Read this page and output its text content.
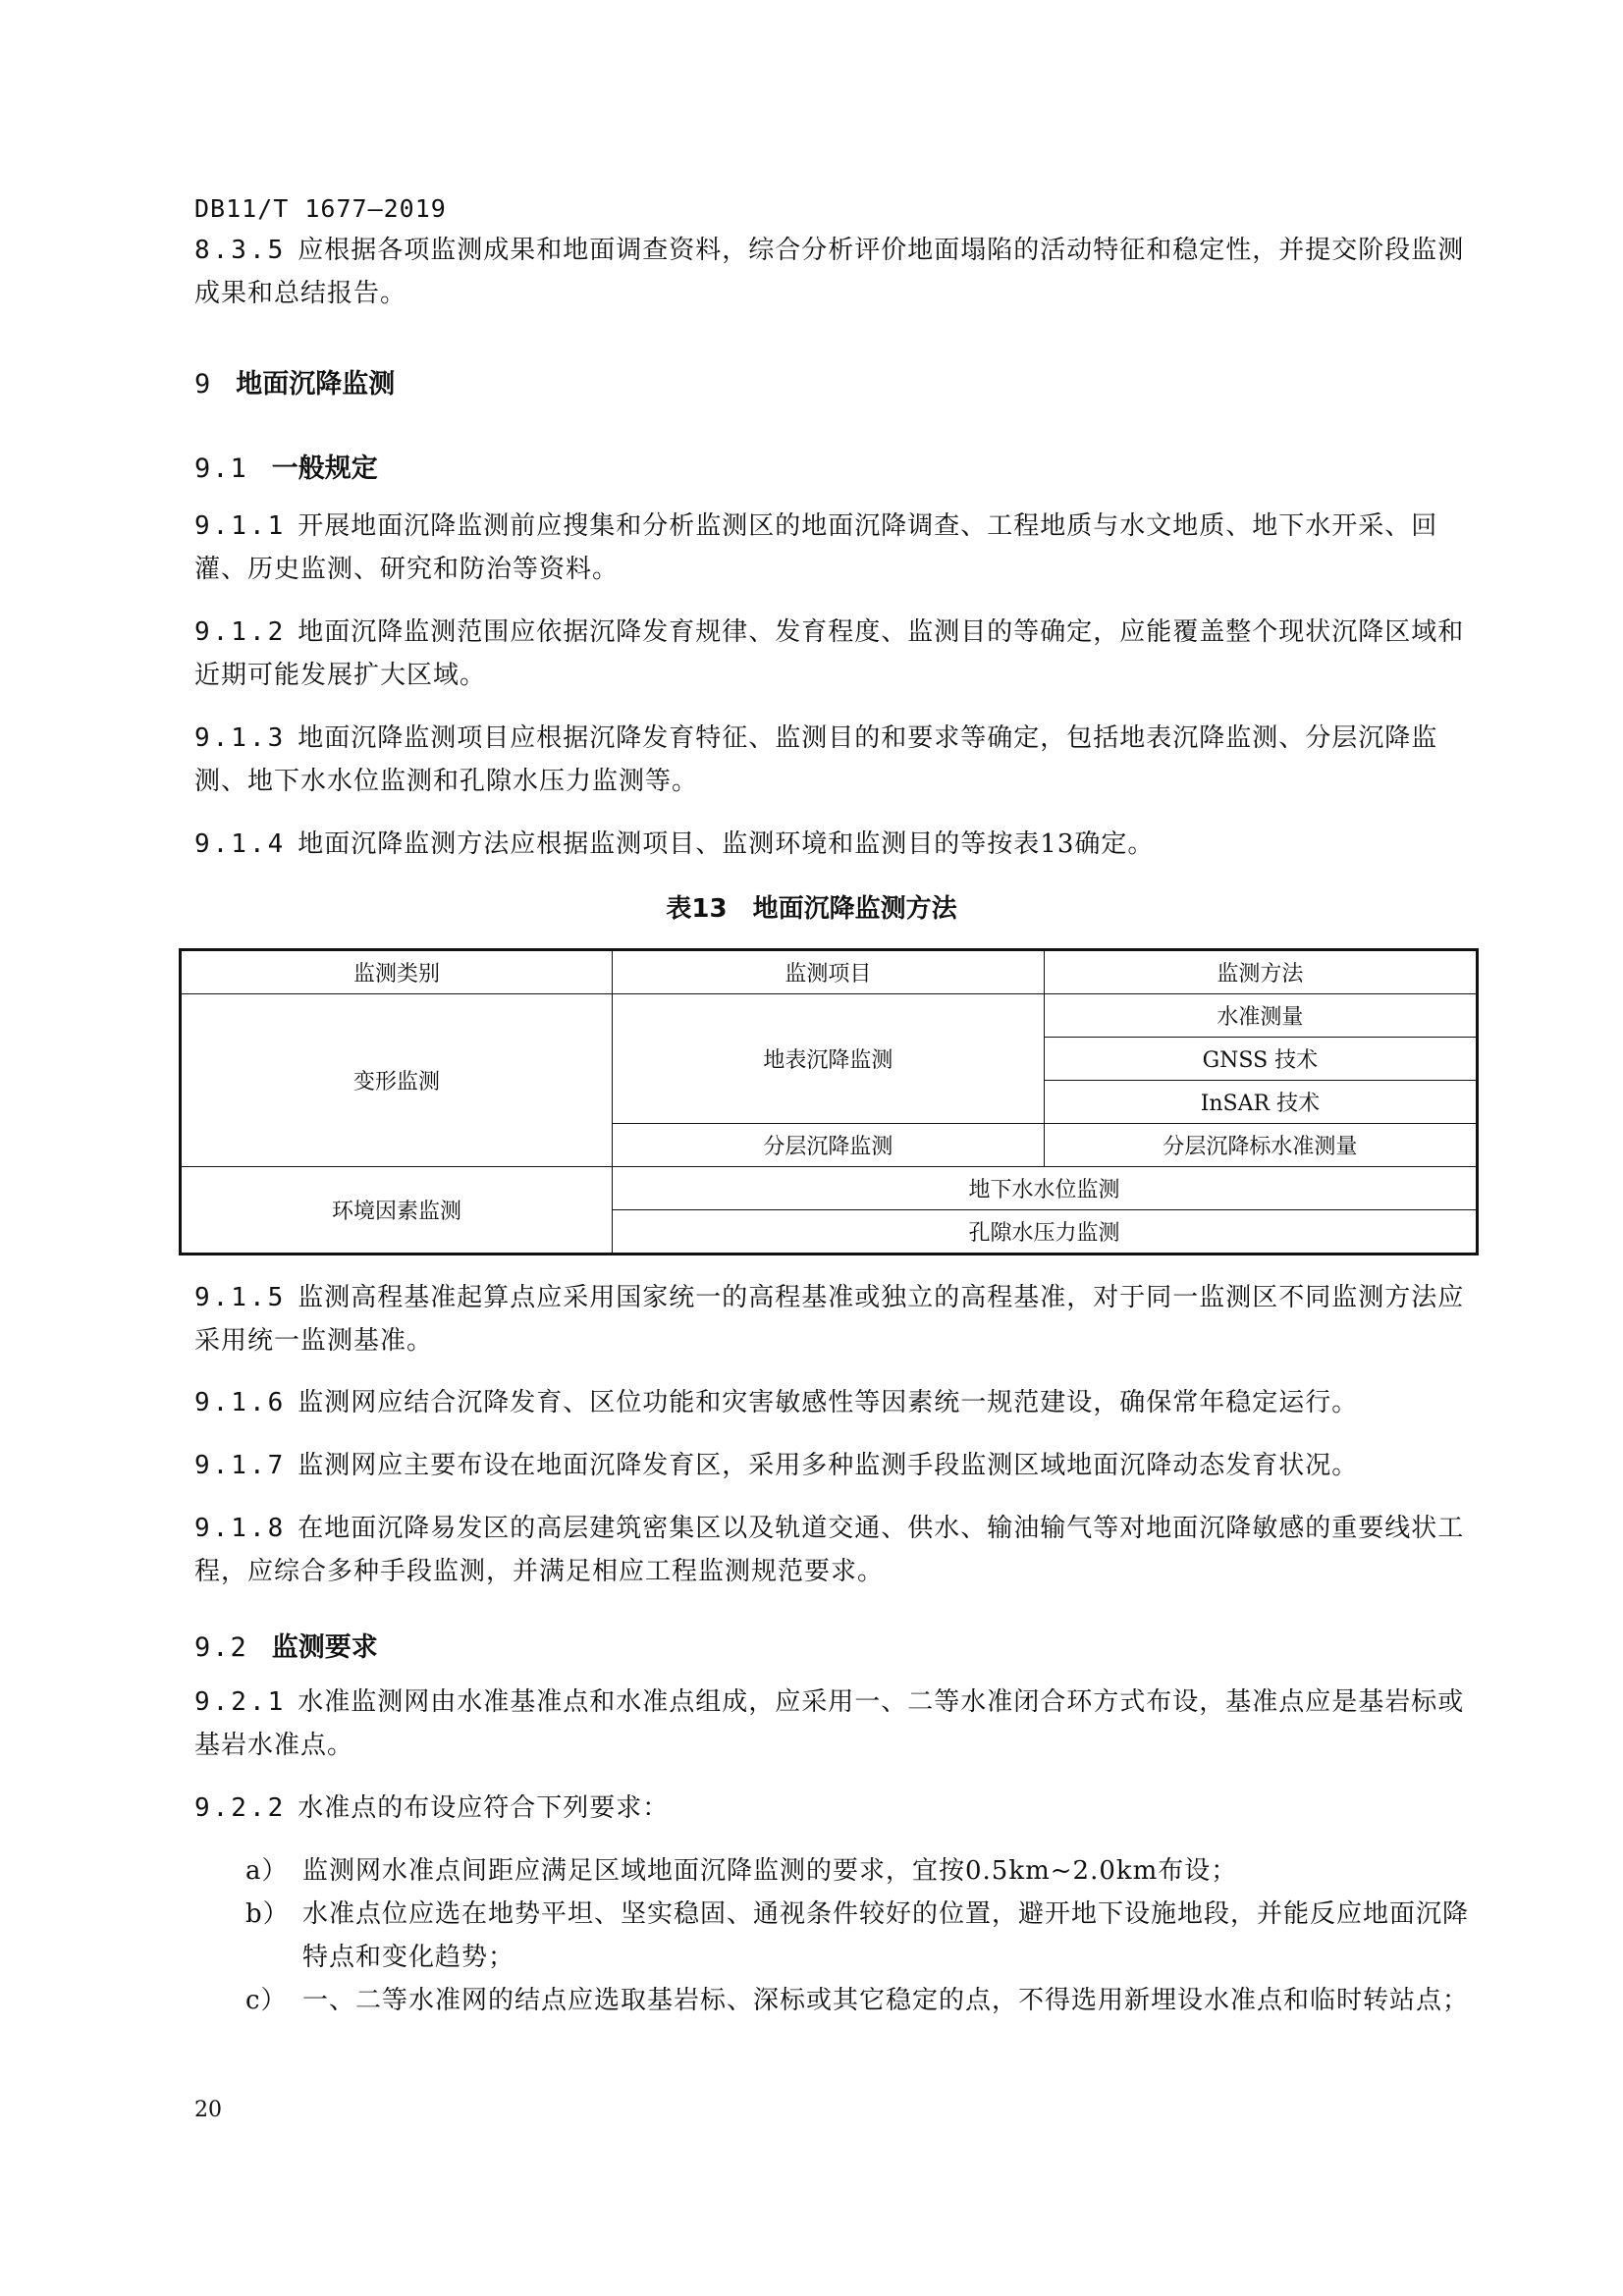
DB11/T 1677—2019
8.3.5 应根据各项监测成果和地面调查资料，综合分析评价地面塌陷的活动特征和稳定性，并提交阶段监测成果和总结报告。
9 地面沉降监测
9.1 一般规定
9.1.1 开展地面沉降监测前应搜集和分析监测区的地面沉降调查、工程地质与水文地质、地下水开采、回灌、历史监测、研究和防治等资料。
9.1.2 地面沉降监测范围应依据沉降发育规律、发育程度、监测目的等确定，应能覆盖整个现状沉降区域和近期可能发展扩大区域。
9.1.3 地面沉降监测项目应根据沉降发育特征、监测目的和要求等确定，包括地表沉降监测、分层沉降监测、地下水水位监测和孔隙水压力监测等。
9.1.4 地面沉降监测方法应根据监测项目、监测环境和监测目的等按表13确定。
表13　地面沉降监测方法
监测类别	监测项目	监测方法
变形监测	地表沉降监测	水准测量
		GNSS 技术
		InSAR 技术
	分层沉降监测	分层沉降标水准测量
环境因素监测	地下水水位监测	
	孔隙水压力监测	
9.1.5 监测高程基准起算点应采用国家统一的高程基准或独立的高程基准，对于同一监测区不同监测方法应采用统一监测基准。
9.1.6 监测网应结合沉降发育、区位功能和灾害敏感性等因素统一规范建设，确保常年稳定运行。
9.1.7 监测网应主要布设在地面沉降发育区，采用多种监测手段监测区域地面沉降动态发育状况。
9.1.8 在地面沉降易发区的高层建筑密集区以及轨道交通、供水、输油输气等对地面沉降敏感的重要线状工程，应综合多种手段监测，并满足相应工程监测规范要求。
9.2 监测要求
9.2.1 水准监测网由水准基准点和水准点组成，应采用一、二等水准闭合环方式布设，基准点应是基岩标或基岩水准点。
9.2.2 水准点的布设应符合下列要求：
a） 监测网水准点间距应满足区域地面沉降监测的要求，宜按0.5km~2.0km布设；
b） 水准点位应选在地势平坦、坚实稳固、通视条件较好的位置，避开地下设施地段，并能反应地面沉降特点和变化趋势；
c） 一、二等水准网的结点应选取基岩标、深标或其它稳定的点，不得选用新埋设水准点和临时转站点；
20
